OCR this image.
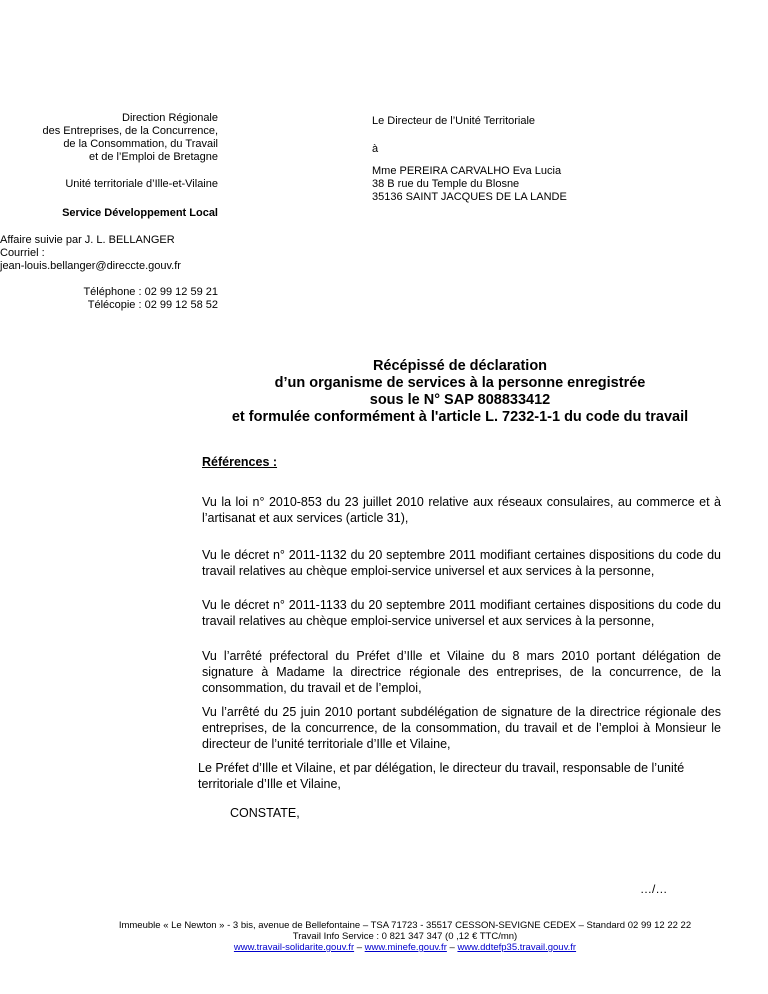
Direction Régionale
des Entreprises, de la Concurrence,
de la Consommation, du Travail
et de l’Emploi de Bretagne
Unité territoriale d’Ille-et-Vilaine
Service Développement Local
Affaire suivie par J. L. BELLANGER
Courriel :
jean-louis.bellanger@direccte.gouv.fr
Téléphone : 02 99 12 59 21
Télécopie : 02 99 12 58 52
Le Directeur de l’Unité Territoriale
à
Mme PEREIRA CARVALHO Eva Lucia
38 B rue du Temple du Blosne
35136 SAINT JACQUES DE LA LANDE
Récépissé de déclaration
d’un organisme de services à la personne enregistrée
sous le N° SAP 808833412
et formulée conformément à l'article L. 7232-1-1 du code du travail
Références :
Vu la loi n° 2010-853 du 23 juillet 2010 relative aux réseaux consulaires, au commerce et à l’artisanat et aux services (article 31),
Vu le décret n° 2011-1132 du 20 septembre 2011 modifiant certaines dispositions du code du travail relatives au chèque emploi-service universel et aux services à la personne,
Vu le décret n° 2011-1133 du 20 septembre 2011 modifiant certaines dispositions du code du travail relatives au chèque emploi-service universel et aux services à la personne,
Vu l’arrêté préfectoral du Préfet d’Ille et Vilaine du 8 mars 2010 portant délégation de signature à Madame la directrice régionale des entreprises, de la concurrence, de la consommation, du travail et de l’emploi,
Vu l’arrêté du 25 juin 2010 portant subdélégation de signature de la directrice régionale des entreprises, de la concurrence, de la consommation, du travail et de l’emploi à Monsieur le directeur de l’unité territoriale d’Ille et Vilaine,
Le Préfet d’Ille et Vilaine, et par délégation, le directeur du travail, responsable de l’unité territoriale d’Ille et Vilaine,
CONSTATE,
…/…
Immeuble « Le Newton » - 3 bis, avenue de Bellefontaine – TSA 71723 - 35517 CESSON-SEVIGNE CEDEX – Standard 02 99 12 22 22
Travail Info Service : 0 821 347 347 (0 ,12 € TTC/mn)
www.travail-solidarite.gouv.fr – www.minefe.gouv.fr – www.ddtefp35.travail.gouv.fr
